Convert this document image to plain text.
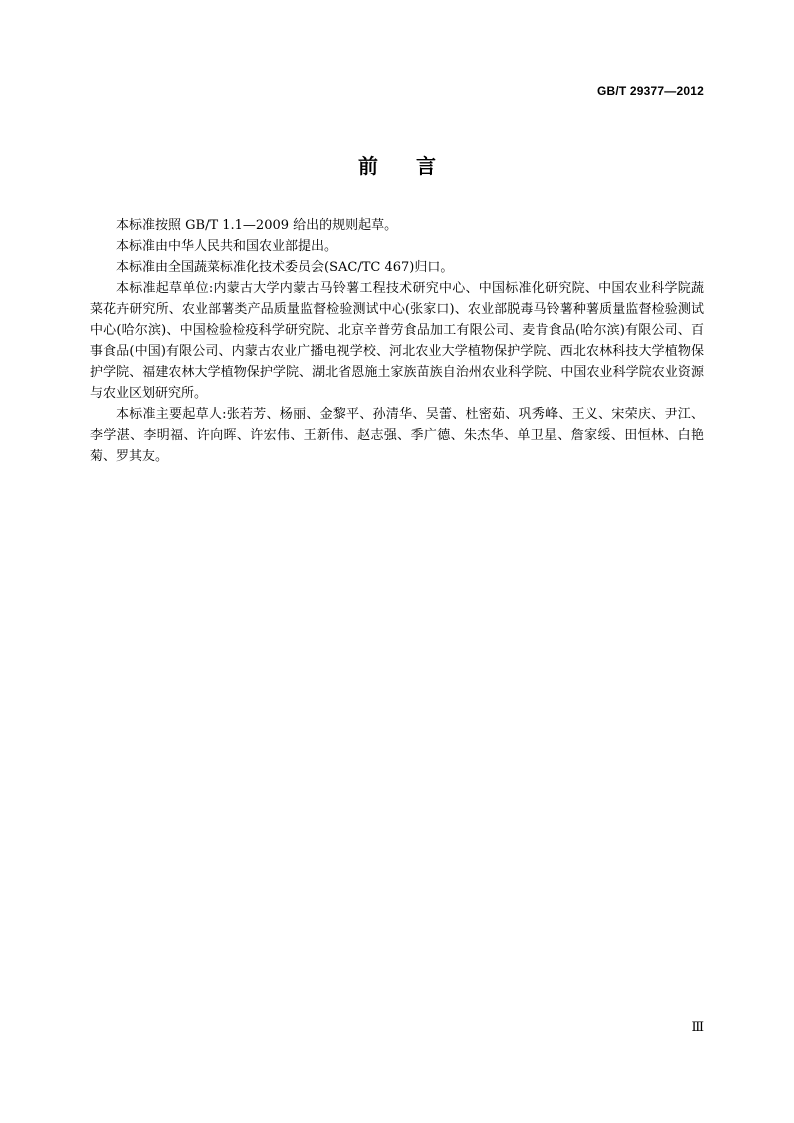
GB/T 29377—2012
前言

本标准按照 GB/T 1.1—2009 给出的规则起草。

本标准由中华人民共和国农业部提出。

本标准由全国蔬菜标准化技术委员会(SAC/TC 467)归口。

本标准起草单位:内蒙古大学内蒙古马铃薯工程技术研究中心、中国标准化研究院、中国农业科学院蔬菜花卉研究所、农业部薯类产品质量监督检验测试中心(张家口)、农业部脱毒马铃薯种薯质量监督检验测试中心(哈尔滨)、中国检验检疫科学研究院、北京辛普劳食品加工有限公司、麦肯食品(哈尔滨)有限公司、百事食品(中国)有限公司、内蒙古农业广播电视学校、河北农业大学植物保护学院、西北农林科技大学植物保护学院、福建农林大学植物保护学院、湖北省恩施土家族苗族自治州农业科学院、中国农业科学院农业资源与农业区划研究所。

本标准主要起草人:张若芳、杨丽、金黎平、孙清华、吴蕾、杜密茹、巩秀峰、王义、宋荣庆、尹江、李学湛、李明福、许向晖、许宏伟、王新伟、赵志强、季广德、朱杰华、单卫星、詹家绥、田恒林、白艳菊、罗其友。

Ⅲ
